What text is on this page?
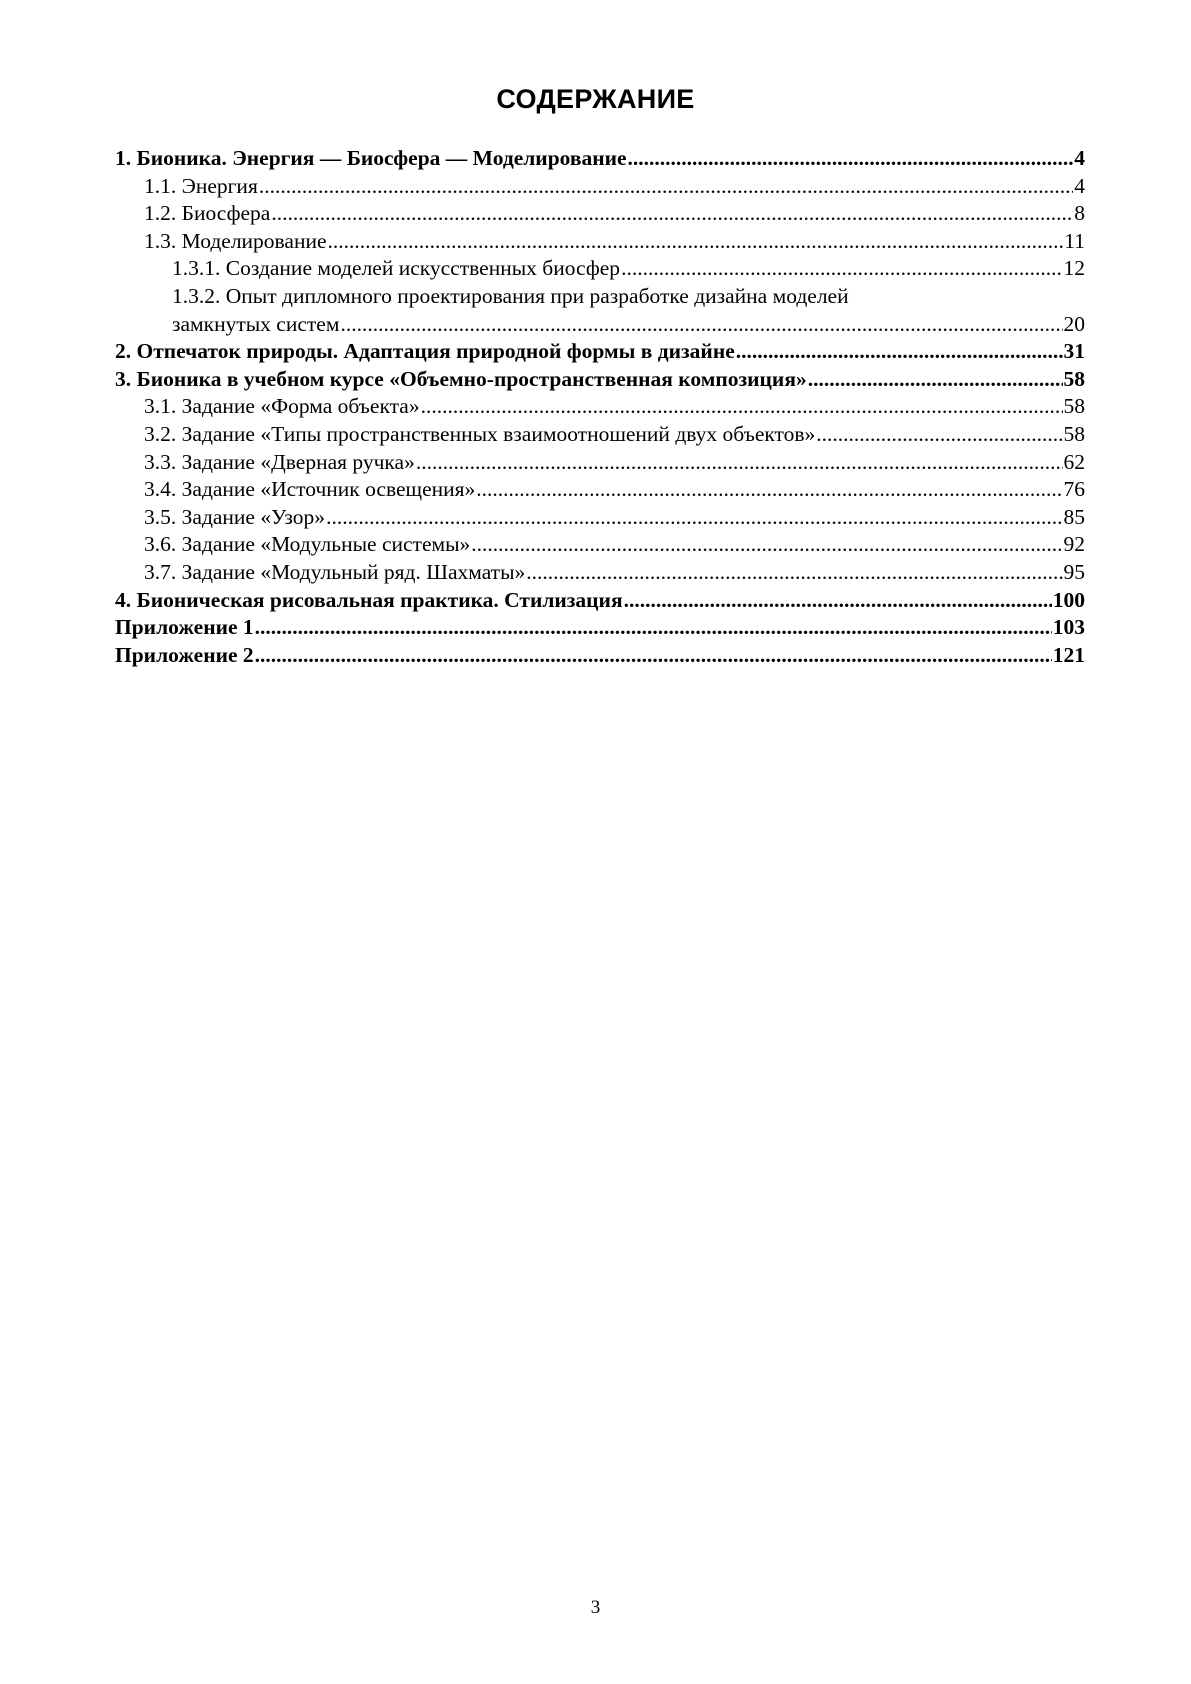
СОДЕРЖАНИЕ
1. Бионика. Энергия — Биосфера — Моделирование .....	4
1.1. Энергия .....	4
1.2. Биосфера .....	8
1.3. Моделирование .....	11
1.3.1. Создание моделей искусственных биосфер .....	12
1.3.2. Опыт дипломного проектирования при разработке дизайна моделей
замкнутых систем .....	20
2. Отпечаток природы. Адаптация природной формы в дизайне .....	31
3. Бионика в учебном курсе «Объемно-пространственная композиция» .....	58
3.1. Задание «Форма объекта» .....	58
3.2. Задание «Типы пространственных взаимоотношений двух объектов» .....	58
3.3. Задание «Дверная ручка» .....	62
3.4. Задание «Источник освещения» .....	76
3.5. Задание «Узор» .....	85
3.6. Задание «Модульные системы» .....	92
3.7. Задание «Модульный ряд. Шахматы» .....	95
4. Бионическая рисовальная практика. Стилизация .....	100
Приложение 1 .....	103
Приложение 2 .....	121
3
